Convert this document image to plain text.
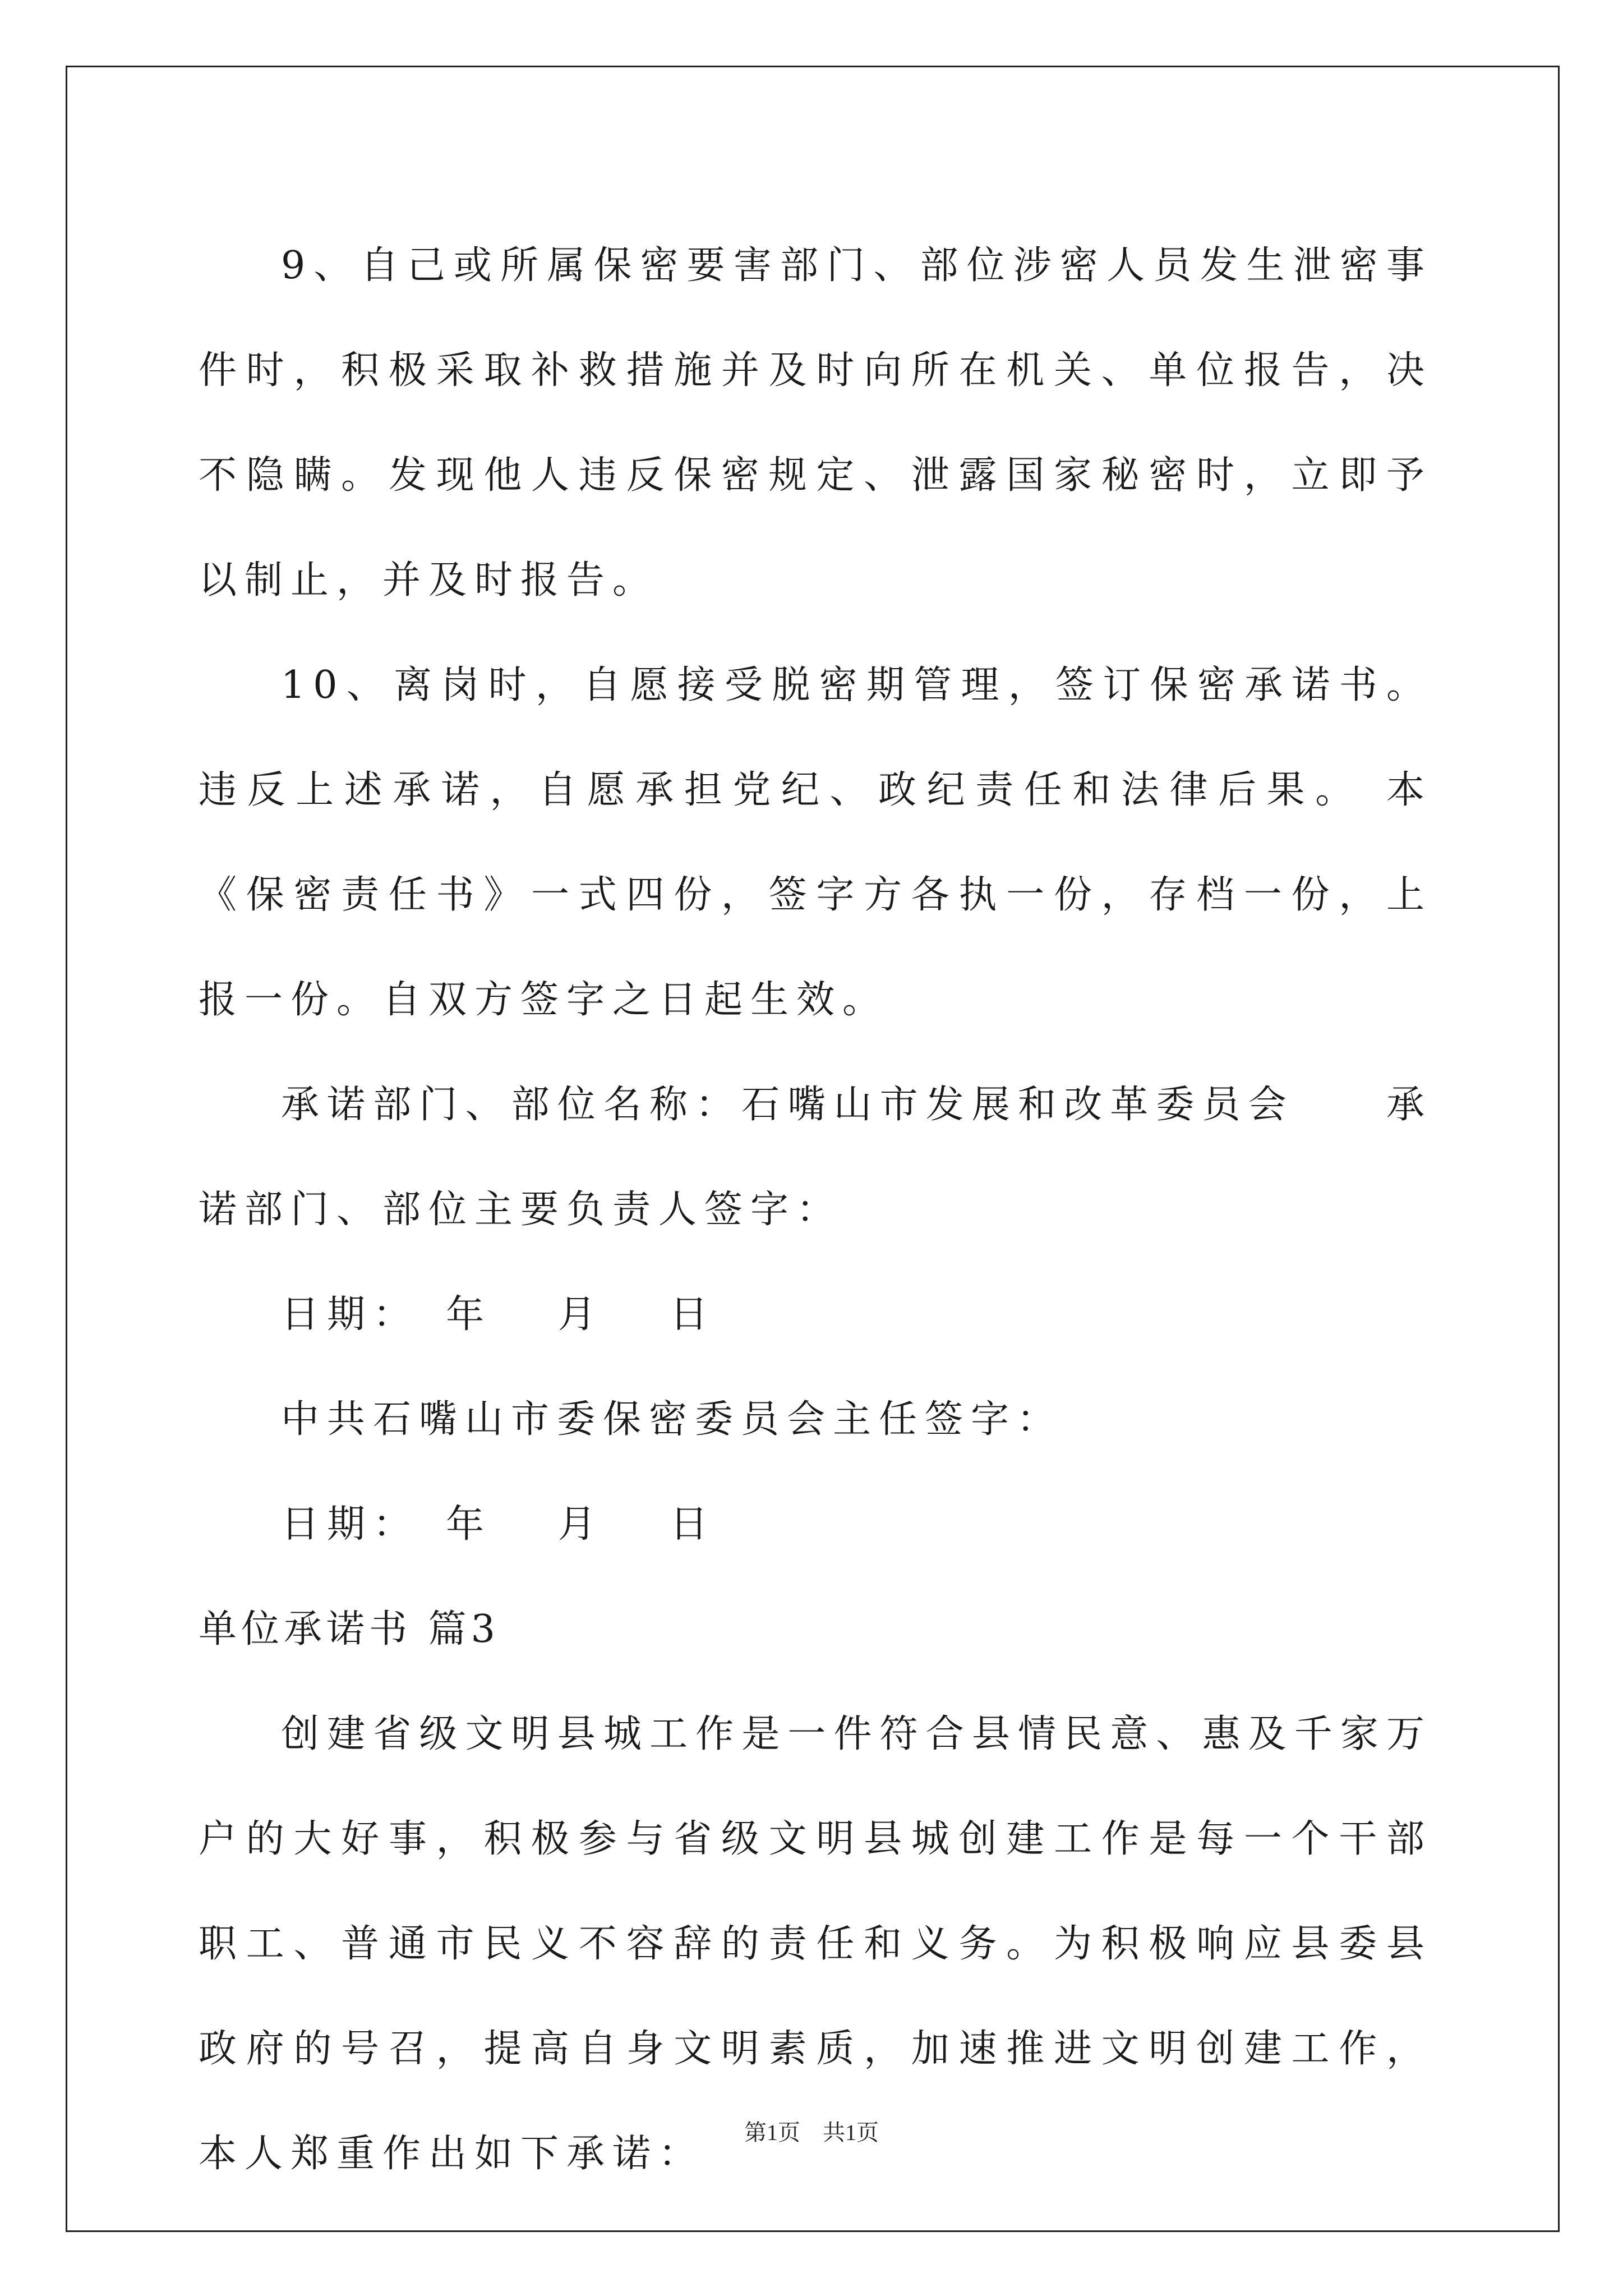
9、自己或所属保密要害部门、部位涉密人员发生泄密事件时，积极采取补救措施并及时向所在机关、单位报告，决不隐瞒。发现他人违反保密规定、泄露国家秘密时，立即予以制止，并及时报告。

10、离岗时，自愿接受脱密期管理，签订保密承诺书。 违反上述承诺，自愿承担党纪、政纪责任和法律后果。 本《保密责任书》一式四份，签字方各执一份，存档一份，上报一份。自双方签字之日起生效。

承诺部门、部位名称：石嘴山市发展和改革委员会　　承诺部门、部位主要负责人签字：

日期：　年　 月　 日

中共石嘴山市委保密委员会主任签字：

日期：　年　 月　 日

单位承诺书 篇3

创建省级文明县城工作是一件符合县情民意、惠及千家万户的大好事，积极参与省级文明县城创建工作是每一个干部职工、普通市民义不容辞的责任和义务。为积极响应县委县政府的号召，提高自身文明素质，加速推进文明创建工作，本人郑重作出如下承诺：	第1页　共1页
